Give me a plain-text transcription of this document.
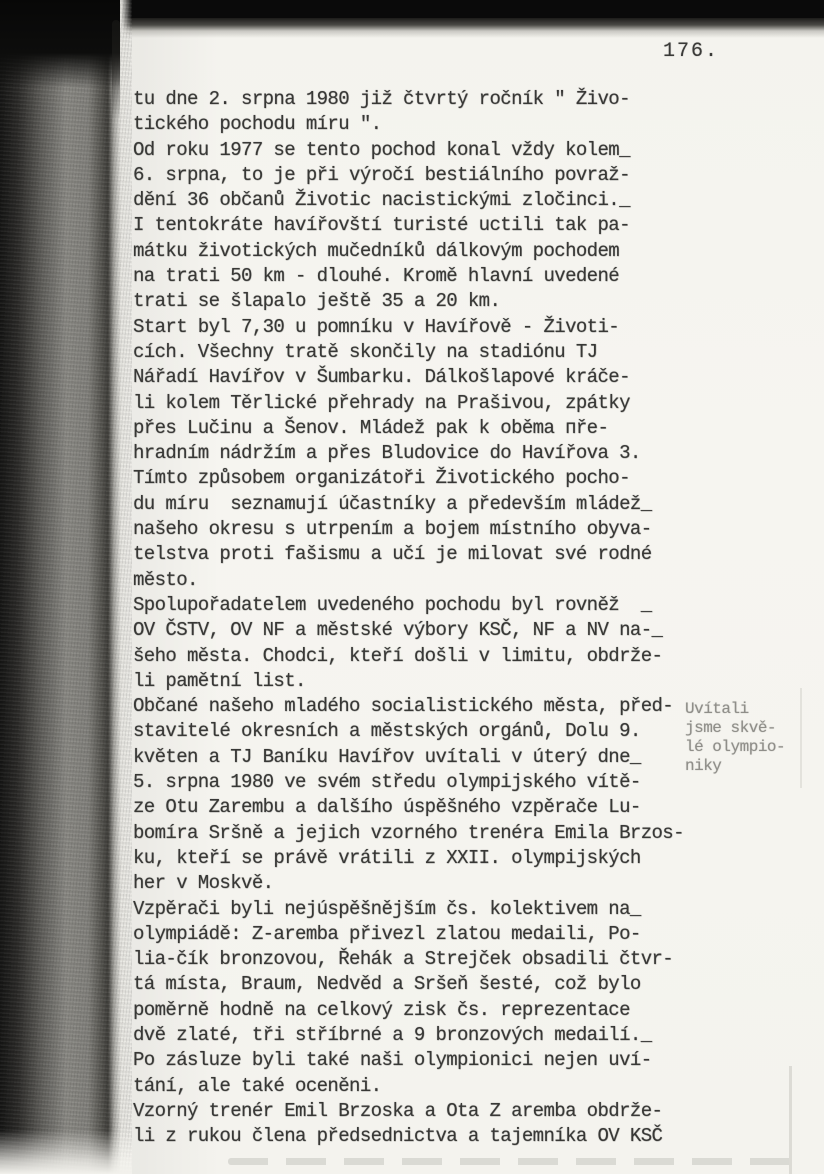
176.
tu dne 2. srpna 1980 již čtvrtý ročník " Živo-
tického pochodu míru ".
Od roku 1977 se tento pochod konal vždy kolem_
6. srpna, to je při výročí bestiálního povraž-
dění 36 občanů Životic nacistickými zločinci._
I tentokráte havířovští turisté uctili tak pa-
mátku životických mučedníků dálkovým pochodem
na trati 50 km - dlouhé. Kromě hlavní uvedené
trati se šlapalo ještě 35 a 20 km.
Start byl 7,30 u pomníku v Havířově - Životi-
cích. Všechny tratě skončily na stadiónu TJ
Nářadí Havířov v Šumbarku. Dálkošlapové kráče-
li kolem Těrlické přehrady na Prašivou, zpátky
přes Lučinu a Šenov. Mládež pak k oběma пře-
hradním nádržím a přes Bludovice do Havířova 3.
Tímto způsobem organizátoři Životického pocho-
du míru  seznamují účastníky a především mládež_
našeho okresu s utrpením a bojem místního obyva-
telstva proti fašismu a učí je milovat své rodné
město.
Spolupořadatelem uvedeného pochodu byl rovněž  _
OV ČSTV, OV NF a městské výbory KSČ, NF a NV na-_
šeho města. Chodci, kteří došli v limitu, obdrže-
li pamětní list.
Občané našeho mladého socialistického města, před-
stavitelé okresních a městských orgánů, Dolu 9.
květen a TJ Baníku Havířov uvítali v úterý dne_
5. srpna 1980 ve svém středu olympijského vítě-
ze Otu Zarembu a dalšího úspěšného vzpěrače Lu-
bomíra Sršně a jejich vzorného trenéra Emila Brzos-
ku, kteří se právě vrátili z XXII. olympijských
her v Moskvě.
Vzpěrači byli nejúspěšnějším čs. kolektivem na_
olympiádě: Z-aremba přivezl zlatou medaili, Po-
lia-čík bronzovou, Řehák a Strejček obsadili čtvr-
tá místa, Braum, Nedvěd a Sršeň šesté, což bylo
poměrně hodně na celkový zisk čs. reprezentace
dvě zlaté, tři stříbrné a 9 bronzových medailí._
Po zásluze byli také naši olympionici nejen uví-
tání, ale také oceněni.
Vzorný trenér Emil Brzoska a Ota Z aremba obdrže-
li z rukou člena předsednictva a tajemníka OV KSČ
Uvítali
jsme skvě-
lé olympio-
niky
